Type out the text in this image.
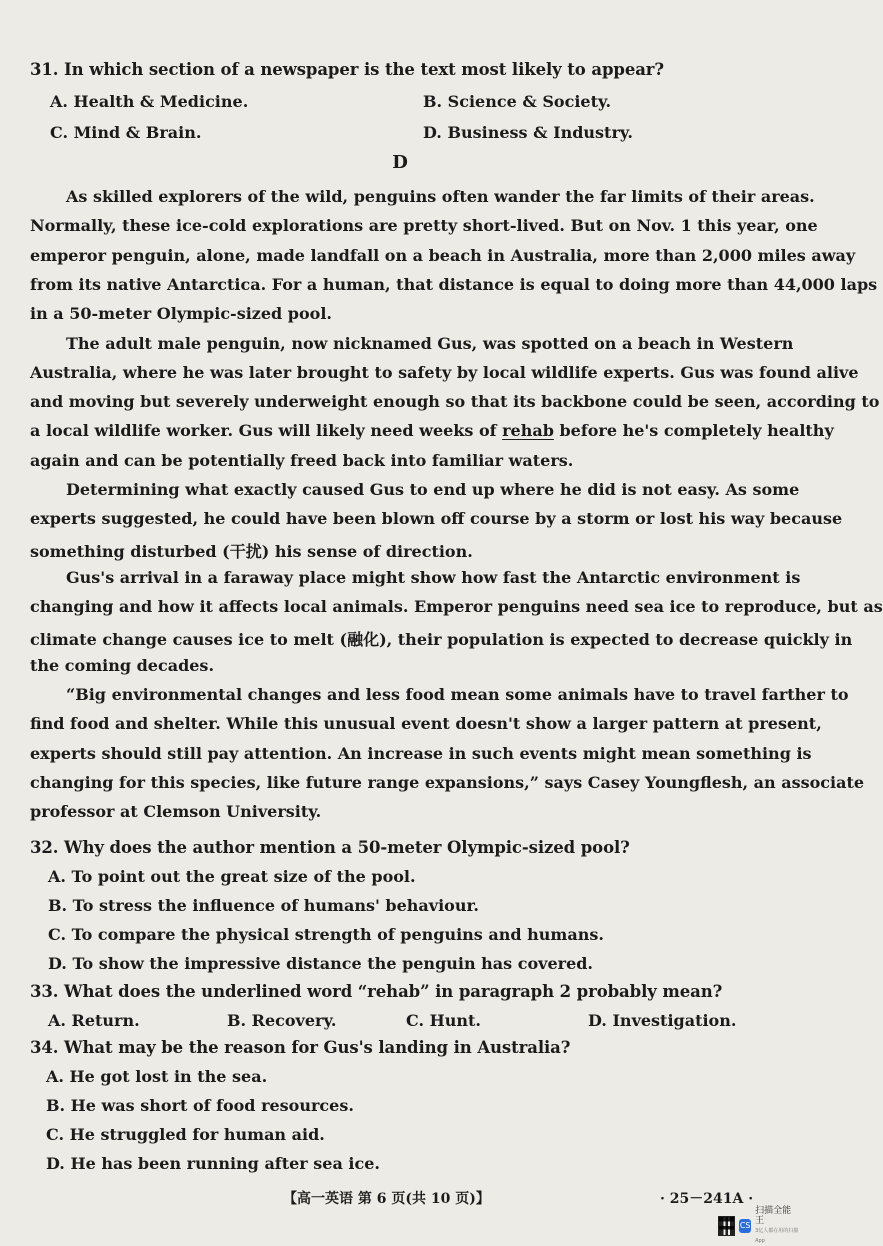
31. In which section of a newspaper is the text most likely to appear?
A. Health & Medicine.	B. Science & Society.
C. Mind & Brain.	D. Business & Industry.
D
As skilled explorers of the wild, penguins often wander the far limits of their areas.
Normally, these ice-cold explorations are pretty short-lived. But on Nov. 1 this year, one
emperor penguin, alone, made landfall on a beach in Australia, more than 2,000 miles away
from its native Antarctica. For a human, that distance is equal to doing more than 44,000 laps
in a 50-meter Olympic-sized pool.
The adult male penguin, now nicknamed Gus, was spotted on a beach in Western
Australia, where he was later brought to safety by local wildlife experts. Gus was found alive
and moving but severely underweight enough so that its backbone could be seen, according to
a local wildlife worker. Gus will likely need weeks of rehab before he's completely healthy
again and can be potentially freed back into familiar waters.
Determining what exactly caused Gus to end up where he did is not easy. As some
experts suggested, he could have been blown off course by a storm or lost his way because
something disturbed (干扰) his sense of direction.
Gus's arrival in a faraway place might show how fast the Antarctic environment is
changing and how it affects local animals. Emperor penguins need sea ice to reproduce, but as
climate change causes ice to melt (融化), their population is expected to decrease quickly in
the coming decades.
“Big environmental changes and less food mean some animals have to travel farther to
find food and shelter. While this unusual event doesn't show a larger pattern at present,
experts should still pay attention. An increase in such events might mean something is
changing for this species, like future range expansions,” says Casey Youngflesh, an associate
professor at Clemson University.
32. Why does the author mention a 50-meter Olympic-sized pool?
A. To point out the great size of the pool.
B. To stress the influence of humans' behaviour.
C. To compare the physical strength of penguins and humans.
D. To show the impressive distance the penguin has covered.
33. What does the underlined word “rehab” in paragraph 2 probably mean?
A. Return.	B. Recovery.	C. Hunt.	D. Investigation.
34. What may be the reason for Gus's landing in Australia?
A. He got lost in the sea.
B. He was short of food resources.
C. He struggled for human aid.
D. He has been running after sea ice.
【高一英语 第 6 页(共 10 页)】	· 25－241A ·
CS
扫描全能王
3亿人都在用的扫描App
